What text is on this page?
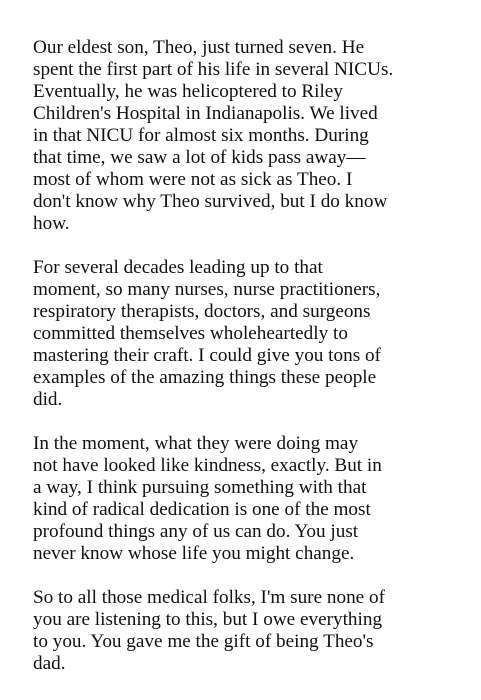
Our eldest son, Theo, just turned seven. He
spent the first part of his life in several NICUs.
Eventually, he was helicoptered to Riley
Children's Hospital in Indianapolis. We lived
in that NICU for almost six months. During
that time, we saw a lot of kids pass away—
most of whom were not as sick as Theo. I
don't know why Theo survived, but I do know
how.

For several decades leading up to that
moment, so many nurses, nurse practitioners,
respiratory therapists, doctors, and surgeons
committed themselves wholeheartedly to
mastering their craft. I could give you tons of
examples of the amazing things these people
did.

In the moment, what they were doing may
not have looked like kindness, exactly. But in
a way, I think pursuing something with that
kind of radical dedication is one of the most
profound things any of us can do. You just
never know whose life you might change.

So to all those medical folks, I'm sure none of
you are listening to this, but I owe everything
to you. You gave me the gift of being Theo's
dad.
